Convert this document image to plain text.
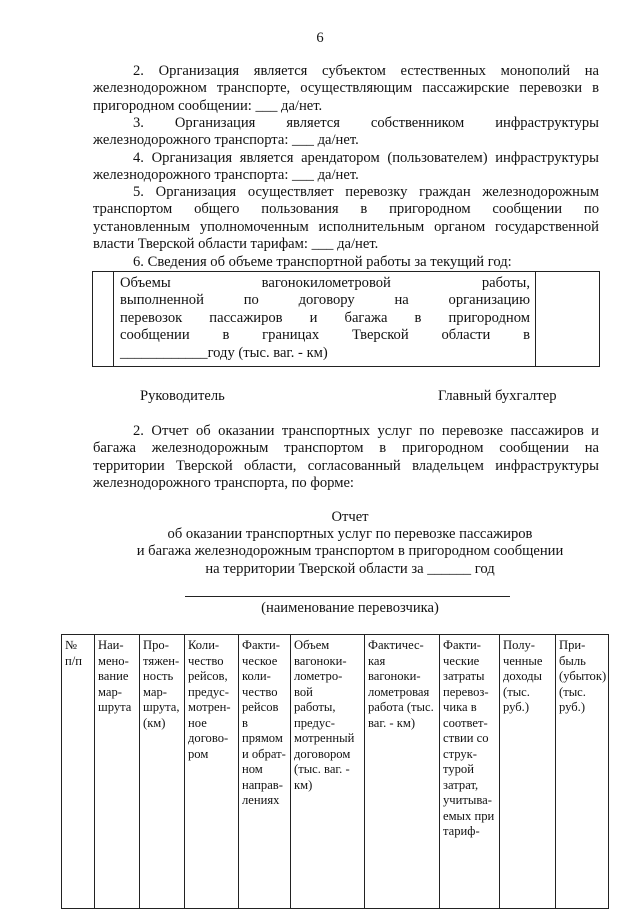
6
2. Организация является субъектом естественных монополий на
железнодорожном транспорте, осуществляющим пассажирские перевозки в
пригородном сообщении: ___ да/нет.
3. Организация является собственником инфраструктуры
железнодорожного транспорта: ___ да/нет.
4. Организация является арендатором (пользователем) инфраструктуры
железнодорожного транспорта: ___ да/нет.
5. Организация осуществляет перевозку граждан железнодорожным
транспортом общего пользования в пригородном сообщении по
установленным уполномоченным исполнительным органом государственной
власти Тверской области тарифам: ___ да/нет.
6. Сведения об объеме транспортной работы за текущий год:
Объемы вагонокилометровой работы,
выполненной по договору на организацию
перевозок пассажиров и багажа в пригородном
сообщении в границах Тверской области в
____________году (тыс. ваг. - км)
Руководитель	Главный бухгалтер
2. Отчет об оказании транспортных услуг по перевозке пассажиров и
багажа железнодорожным транспортом в пригородном сообщении на
территории Тверской области, согласованный владельцем инфраструктуры
железнодорожного транспорта, по форме:
Отчет
об оказании транспортных услуг по перевозке пассажиров
и багажа железнодорожным транспортом в пригородном сообщении
на территории Тверской области за ______ год
(наименование перевозчика)
№
п/п

Наи-
мено-
вание
мар-
шрута

Про-
тяжен-
ность
мар-
шрута,
(км)

Коли-
чество
рейсов,
предус-
мотрен-
ное
догово-
ром

Факти-
ческое
коли-
чество
рейсов
в
прямом
и обрат-
ном
направ-
лениях

Объем
вагонoки-
лометро-
вой
работы,
предус-
мотренный
договором
(тыс. ваг. -
км)

Фактичес-
кая
вагонoки-
лометровая
работа (тыс.
ваг. - км)

Факти-
ческие
затраты
перевоз-
чика в
соответ-
ствии со
струк-
турой
затрат,
учитыва-
емых при
тариф-

Полу-
ченные
доходы
(тыс.
руб.)

При-
быль
(убыток)
(тыс.
руб.)
